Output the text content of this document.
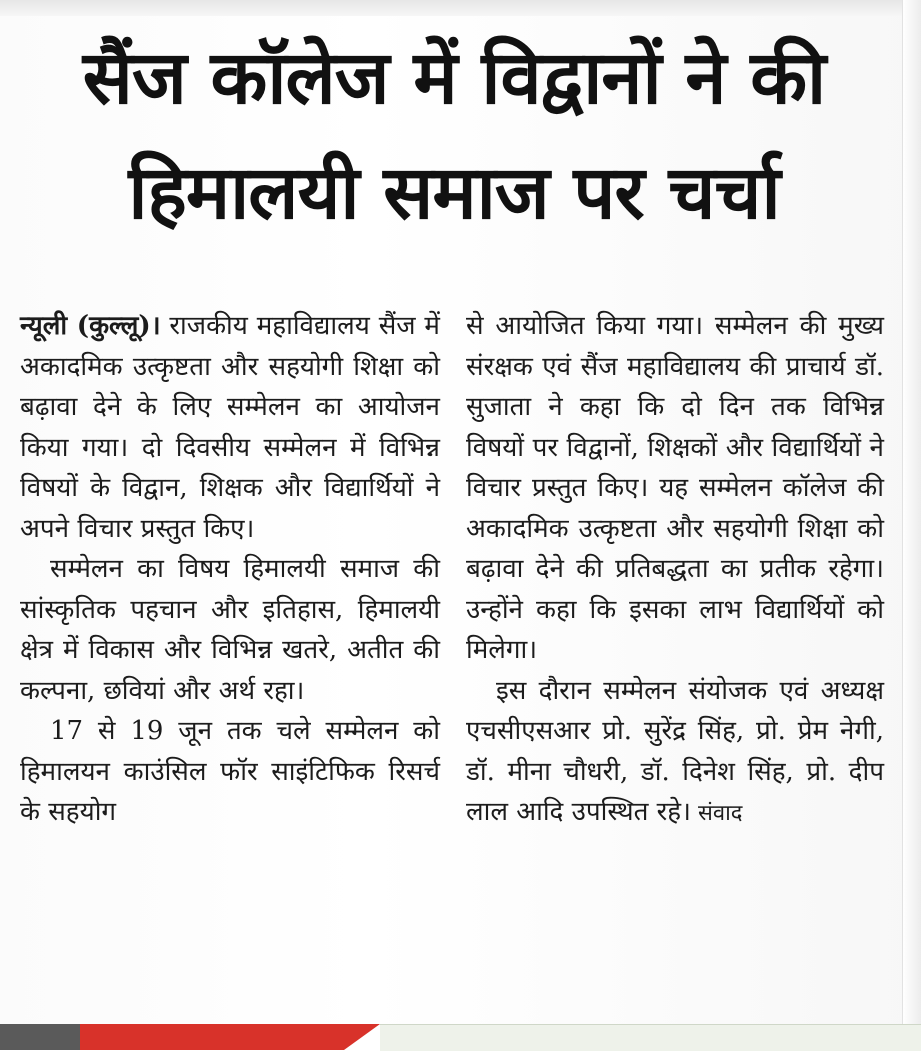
सैंज कॉलेज में विद्वानों ने की
हिमालयी समाज पर चर्चा

न्यूली (कुल्लू)। राजकीय महाविद्यालय सैंज में अकादमिक उत्कृष्टता और सहयोगी शिक्षा को बढ़ावा देने के लिए सम्मेलन का आयोजन किया गया। दो दिवसीय सम्मेलन में विभिन्न विषयों के विद्वान, शिक्षक और विद्यार्थियों ने अपने विचार प्रस्तुत किए।

सम्मेलन का विषय हिमालयी समाज की सांस्कृतिक पहचान और इतिहास, हिमालयी क्षेत्र में विकास और विभिन्न खतरे, अतीत की कल्पना, छवियां और अर्थ रहा।

17 से 19 जून तक चले सम्मेलन को हिमालयन काउंसिल फॉर साइंटिफिक रिसर्च के सहयोग

से आयोजित किया गया। सम्मेलन की मुख्य संरक्षक एवं सैंज महाविद्यालय की प्राचार्य डॉ. सुजाता ने कहा कि दो दिन तक विभिन्न विषयों पर विद्वानों, शिक्षकों और विद्यार्थियों ने विचार प्रस्तुत किए। यह सम्मेलन कॉलेज की अकादमिक उत्कृष्टता और सहयोगी शिक्षा को बढ़ावा देने की प्रतिबद्धता का प्रतीक रहेगा। उन्होंने कहा कि इसका लाभ विद्यार्थियों को मिलेगा।

इस दौरान सम्मेलन संयोजक एवं अध्यक्ष एचसीएसआर प्रो. सुरेंद्र सिंह, प्रो. प्रेम नेगी, डॉ. मीना चौधरी, डॉ. दिनेश सिंह, प्रो. दीप लाल आदि उपस्थित रहे। संवाद
